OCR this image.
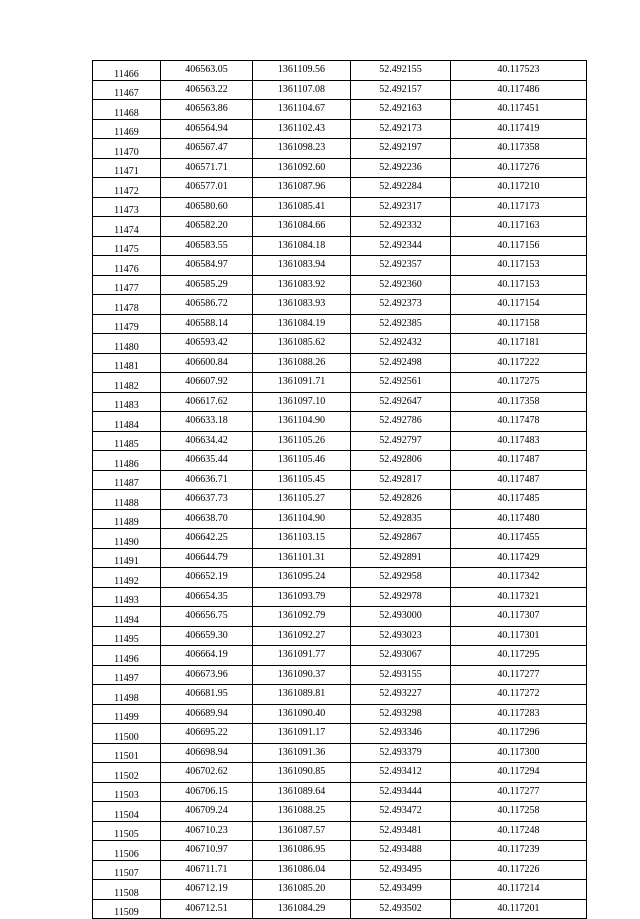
11466	406563.05	1361109.56	52.492155	40.117523
11467	406563.22	1361107.08	52.492157	40.117486
11468	406563.86	1361104.67	52.492163	40.117451
11469	406564.94	1361102.43	52.492173	40.117419
11470	406567.47	1361098.23	52.492197	40.117358
11471	406571.71	1361092.60	52.492236	40.117276
11472	406577.01	1361087.96	52.492284	40.117210
11473	406580.60	1361085.41	52.492317	40.117173
11474	406582.20	1361084.66	52.492332	40.117163
11475	406583.55	1361084.18	52.492344	40.117156
11476	406584.97	1361083.94	52.492357	40.117153
11477	406585.29	1361083.92	52.492360	40.117153
11478	406586.72	1361083.93	52.492373	40.117154
11479	406588.14	1361084.19	52.492385	40.117158
11480	406593.42	1361085.62	52.492432	40.117181
11481	406600.84	1361088.26	52.492498	40.117222
11482	406607.92	1361091.71	52.492561	40.117275
11483	406617.62	1361097.10	52.492647	40.117358
11484	406633.18	1361104.90	52.492786	40.117478
11485	406634.42	1361105.26	52.492797	40.117483
11486	406635.44	1361105.46	52.492806	40.117487
11487	406636.71	1361105.45	52.492817	40.117487
11488	406637.73	1361105.27	52.492826	40.117485
11489	406638.70	1361104.90	52.492835	40.117480
11490	406642.25	1361103.15	52.492867	40.117455
11491	406644.79	1361101.31	52.492891	40.117429
11492	406652.19	1361095.24	52.492958	40.117342
11493	406654.35	1361093.79	52.492978	40.117321
11494	406656.75	1361092.79	52.493000	40.117307
11495	406659.30	1361092.27	52.493023	40.117301
11496	406664.19	1361091.77	52.493067	40.117295
11497	406673.96	1361090.37	52.493155	40.117277
11498	406681.95	1361089.81	52.493227	40.117272
11499	406689.94	1361090.40	52.493298	40.117283
11500	406695.22	1361091.17	52.493346	40.117296
11501	406698.94	1361091.36	52.493379	40.117300
11502	406702.62	1361090.85	52.493412	40.117294
11503	406706.15	1361089.64	52.493444	40.117277
11504	406709.24	1361088.25	52.493472	40.117258
11505	406710.23	1361087.57	52.493481	40.117248
11506	406710.97	1361086.95	52.493488	40.117239
11507	406711.71	1361086.04	52.493495	40.117226
11508	406712.19	1361085.20	52.493499	40.117214
11509	406712.51	1361084.29	52.493502	40.117201
